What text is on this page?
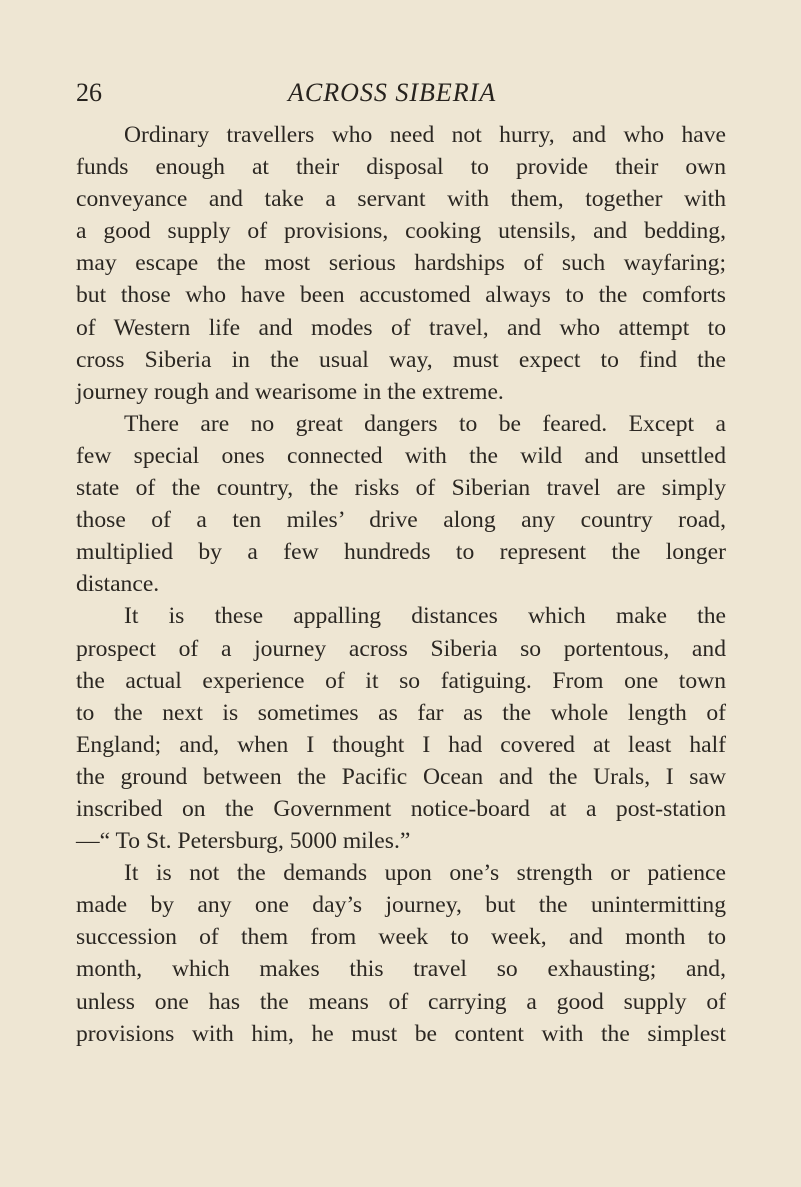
26	ACROSS SIBERIA
Ordinary travellers who need not hurry, and who have
funds enough at their disposal to provide their own
conveyance and take a servant with them, together with
a good supply of provisions, cooking utensils, and bedding,
may escape the most serious hardships of such wayfaring;
but those who have been accustomed always to the comforts
of Western life and modes of travel, and who attempt to
cross Siberia in the usual way, must expect to find the
journey rough and wearisome in the extreme.
There are no great dangers to be feared. Except a
few special ones connected with the wild and unsettled
state of the country, the risks of Siberian travel are simply
those of a ten miles’ drive along any country road,
multiplied by a few hundreds to represent the longer
distance.
It is these appalling distances which make the
prospect of a journey across Siberia so portentous, and
the actual experience of it so fatiguing. From one town
to the next is sometimes as far as the whole length of
England; and, when I thought I had covered at least half
the ground between the Pacific Ocean and the Urals, I saw
inscribed on the Government notice-board at a post-station
—“ To St. Petersburg, 5000 miles.”
It is not the demands upon one’s strength or patience
made by any one day’s journey, but the unintermitting
succession of them from week to week, and month to
month, which makes this travel so exhausting; and,
unless one has the means of carrying a good supply of
provisions with him, he must be content with the simplest
